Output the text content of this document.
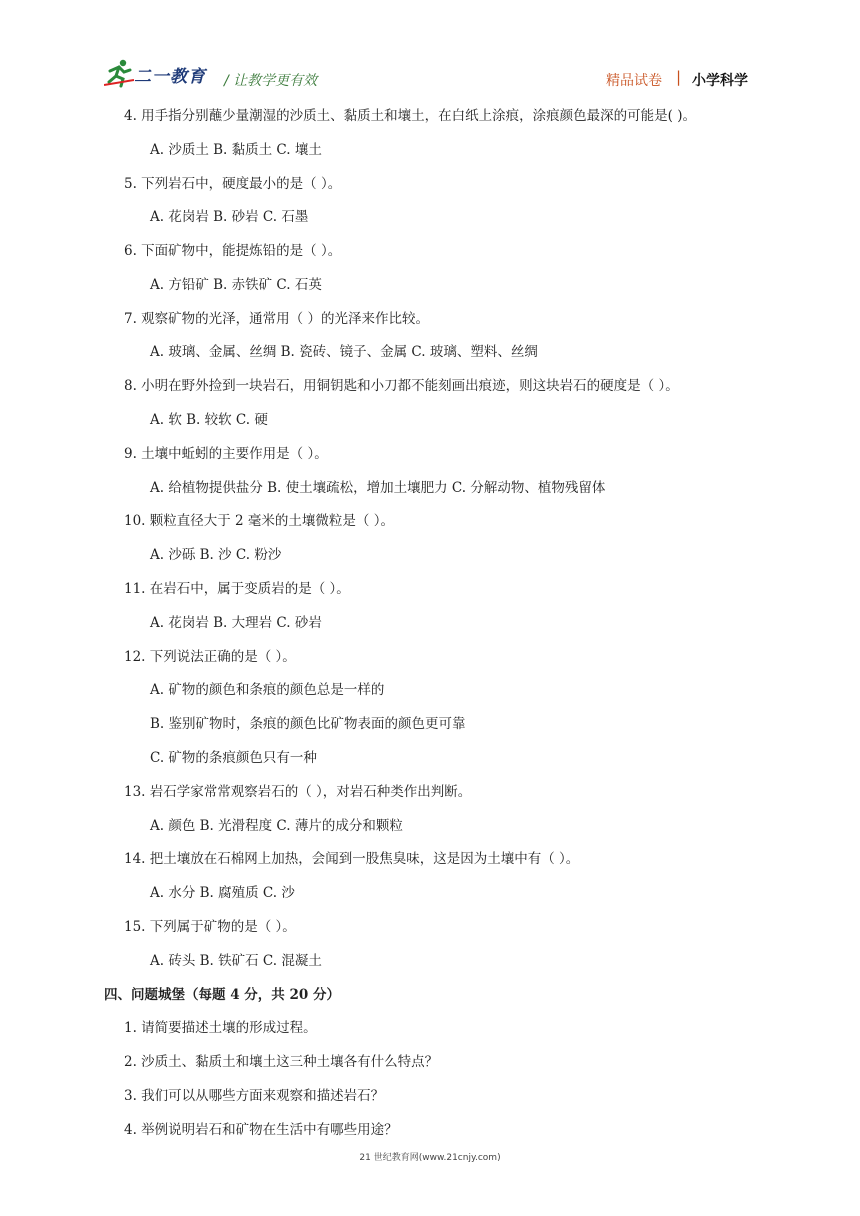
二一教育 / 让教学更有效	精品试卷 | 小学科学
4. 用手指分别蘸少量潮湿的沙质土、黏质土和壤土，在白纸上涂痕，涂痕颜色最深的可能是( )。
A. 沙质土 B. 黏质土 C. 壤土
5. 下列岩石中，硬度最小的是（ ）。
A. 花岗岩 B. 砂岩 C. 石墨
6. 下面矿物中，能提炼铅的是（ ）。
A. 方铅矿 B. 赤铁矿 C. 石英
7. 观察矿物的光泽，通常用（ ）的光泽来作比较。
A. 玻璃、金属、丝绸 B. 瓷砖、镜子、金属 C. 玻璃、塑料、丝绸
8. 小明在野外捡到一块岩石，用铜钥匙和小刀都不能刻画出痕迹，则这块岩石的硬度是（ ）。
A. 软 B. 较软 C. 硬
9. 土壤中蚯蚓的主要作用是（ ）。
A. 给植物提供盐分 B. 使土壤疏松，增加土壤肥力 C. 分解动物、植物残留体
10. 颗粒直径大于 2 毫米的土壤微粒是（ ）。
A. 沙砾 B. 沙 C. 粉沙
11. 在岩石中，属于变质岩的是（ ）。
A. 花岗岩 B. 大理岩 C. 砂岩
12. 下列说法正确的是（ ）。
A. 矿物的颜色和条痕的颜色总是一样的
B. 鉴别矿物时，条痕的颜色比矿物表面的颜色更可靠
C. 矿物的条痕颜色只有一种
13. 岩石学家常常观察岩石的（ ），对岩石种类作出判断。
A. 颜色 B. 光滑程度 C. 薄片的成分和颗粒
14. 把土壤放在石棉网上加热，会闻到一股焦臭味，这是因为土壤中有（ ）。
A. 水分 B. 腐殖质 C. 沙
15. 下列属于矿物的是（ ）。
A. 砖头 B. 铁矿石 C. 混凝土
四、问题城堡（每题 4 分，共 20 分）
1. 请简要描述土壤的形成过程。
2. 沙质土、黏质土和壤土这三种土壤各有什么特点？
3. 我们可以从哪些方面来观察和描述岩石？
4. 举例说明岩石和矿物在生活中有哪些用途？
21 世纪教育网(www.21cnjy.com)
